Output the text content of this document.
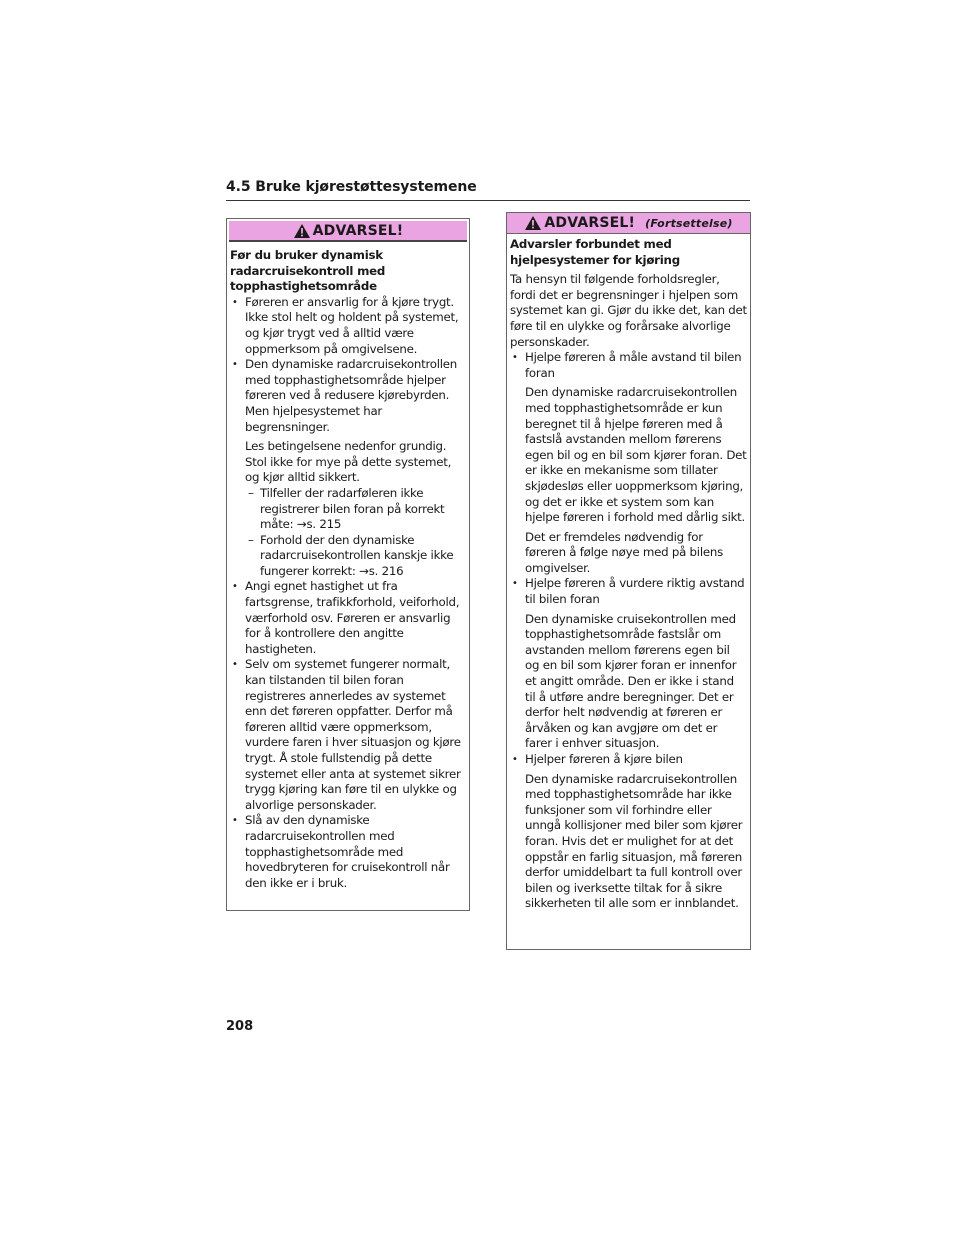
4.5 Bruke kjørestøttesystemene
ADVARSEL!

Før du bruker dynamisk radarcruisekontroll med topphastighetsområde

• Føreren er ansvarlig for å kjøre trygt. Ikke stol helt og holdent på systemet, og kjør trygt ved å alltid være oppmerksom på omgivelsene.
• Den dynamiske radarcruisekontrollen med topphastighetsområde hjelper føreren ved å redusere kjørebyrden. Men hjelpesystemet har begrensninger.

Les betingelsene nedenfor grundig. Stol ikke for mye på dette systemet, og kjør alltid sikkert.

– Tilfeller der radarføleren ikke registrerer bilen foran på korrekt måte: →s. 215
– Forhold der den dynamiske radarcruisekontrollen kanskje ikke fungerer korrekt: →s. 216
• Angi egnet hastighet ut fra fartsgrense, trafikkforhold, veiforhold, værforhold osv. Føreren er ansvarlig for å kontrollere den angitte hastigheten.
• Selv om systemet fungerer normalt, kan tilstanden til bilen foran registreres annerledes av systemet enn det føreren oppfatter. Derfor må føreren alltid være oppmerksom, vurdere faren i hver situasjon og kjøre trygt. Å stole fullstendig på dette systemet eller anta at systemet sikrer trygg kjøring kan føre til en ulykke og alvorlige personskader.
• Slå av den dynamiske radarcruisekontrollen med topphastighetsområde med hovedbryteren for cruisekontroll når den ikke er i bruk.
ADVARSEL! (Fortsettelse)

Advarsler forbundet med hjelpesystemer for kjøring

Ta hensyn til følgende forholdsregler, fordi det er begrensninger i hjelpen som systemet kan gi. Gjør du ikke det, kan det føre til en ulykke og forårsake alvorlige personskader.

• Hjelpe føreren å måle avstand til bilen foran

Den dynamiske radarcruisekontrollen med topphastighetsområde er kun beregnet til å hjelpe føreren med å fastslå avstanden mellom førerens egen bil og en bil som kjører foran. Det er ikke en mekanisme som tillater skjødesløs eller uoppmerksom kjøring, og det er ikke et system som kan hjelpe føreren i forhold med dårlig sikt.

Det er fremdeles nødvendig for føreren å følge nøye med på bilens omgivelser.

• Hjelpe føreren å vurdere riktig avstand til bilen foran

Den dynamiske cruisekontrollen med topphastighetsområde fastslår om avstanden mellom førerens egen bil og en bil som kjører foran er innenfor et angitt område. Den er ikke i stand til å utføre andre beregninger. Det er derfor helt nødvendig at føreren er årvåken og kan avgjøre om det er farer i enhver situasjon.

• Hjelper føreren å kjøre bilen

Den dynamiske radarcruisekontrollen med topphastighetsområde har ikke funksjoner som vil forhindre eller unngå kollisjoner med biler som kjører foran. Hvis det er mulighet for at det oppstår en farlig situasjon, må føreren derfor umiddelbart ta full kontroll over bilen og iverksette tiltak for å sikre sikkerheten til alle som er innblandet.

208
